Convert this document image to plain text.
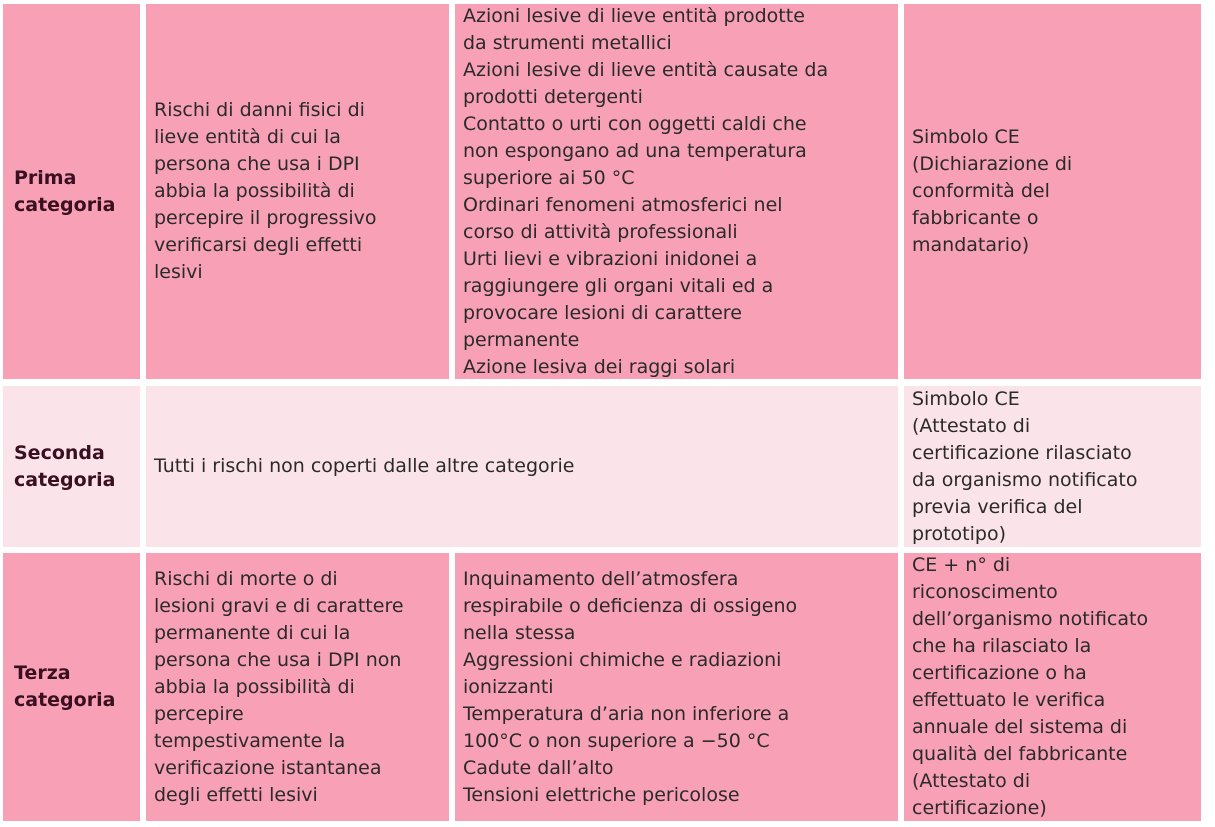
Prima
categoria
Rischi di danni fisici di
lieve entità di cui la
persona che usa i DPI
abbia la possibilità di
percepire il progressivo
verificarsi degli effetti
lesivi
Azioni lesive di lieve entità prodotte
da strumenti metallici
Azioni lesive di lieve entità causate da
prodotti detergenti
Contatto o urti con oggetti caldi che
non espongano ad una temperatura
superiore ai 50 °C
Ordinari fenomeni atmosferici nel
corso di attività professionali
Urti lievi e vibrazioni inidonei a
raggiungere gli organi vitali ed a
provocare lesioni di carattere
permanente
Azione lesiva dei raggi solari
Simbolo CE
(Dichiarazione di
conformità del
fabbricante o
mandatario)
Seconda
categoria
Tutti i rischi non coperti dalle altre categorie
Simbolo CE
(Attestato di
certificazione rilasciato
da organismo notificato
previa verifica del
prototipo)
Terza
categoria
Rischi di morte o di
lesioni gravi e di carattere
permanente di cui la
persona che usa i DPI non
abbia la possibilità di
percepire
tempestivamente la
verificazione istantanea
degli effetti lesivi
Inquinamento dell’atmosfera
respirabile o deficienza di ossigeno
nella stessa
Aggressioni chimiche e radiazioni
ionizzanti
Temperatura d’aria non inferiore a
100°C o non superiore a −50 °C
Cadute dall’alto
Tensioni elettriche pericolose
CE + n° di
riconoscimento
dell’organismo notificato
che ha rilasciato la
certificazione o ha
effettuato le verifica
annuale del sistema di
qualità del fabbricante
(Attestato di
certificazione)
